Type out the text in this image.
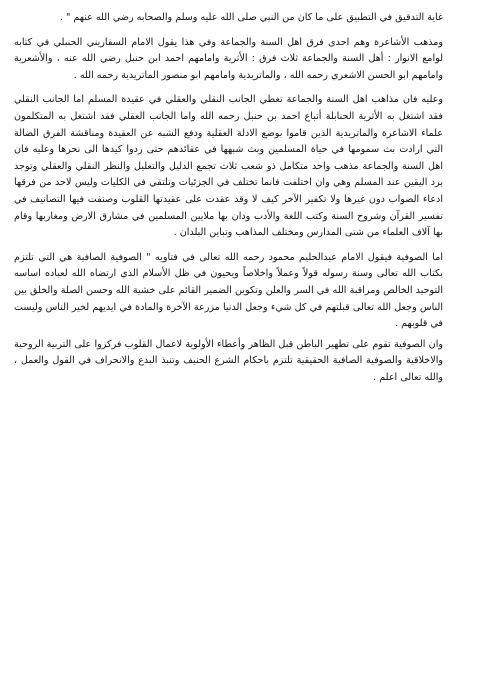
غاية التدقيق في التطبيق على ما كان من النبي صلى الله عليه وسلم والصحابه رضي الله عنهم " .

ومذهب الأشاعرة وهم احدى فرق اهل السنة والجماعة وفي هذا يقول الامام السفاريني الحنبلي في كتابه لوامع الانوار : أهل السنة والجماعة ثلاث فرق : الأثرية وامامهم احمد ابن حنبل رضي الله عنه ، والأشعرية وامامهم ابو الحسن الاشعري رحمه الله ، والماتريدية وامامهم ابو منصور الماتريدية رحمه الله .

وعليه فان مذاهب اهل السنة والجماعة تغطي الجانب النقلي والعقلي في عقيدة المسلم اما الجانب النقلي فقد اشتغل به الأثرية الحنابلة أتباع احمد بن حنبل رحمه الله واما الجانب العقلي فقد اشتغل به المتكلمون علماء الاشاعرة والماتريدية الذين قاموا بوضع الادلة العقلية ودفع الشبه عن العقيدة ومناقشة الفرق الضالة التي ارادت بث سمومها في حياة المسلمين وبث شبهها في عقائدهم حتى ردوا كيدها الى نحرها وعليه فان اهل السنة والجماعة مذهب واحد متكامل ذو شعب ثلاث تجمع الدليل والتعليل والنظر النقلي والعقلي وتوجد برد اليقين عند المسلم وهي وان اختلفت فانما تختلف في الجزئيات وتلتقي في الكليات وليس لاحد من فرقها ادعاء الصواب دون غيرها ولا تكفير الآخر كيف لا وقد عقدت على عقيدتها القلوب وصنفت فيها التصانيف في تفسير القرآن وشروح السنة وكتب اللغة والأدب ودان بها ملايين المسلمين في مشارق الارض ومغاربها وقام بها آلاف العلماء من شتى المدارس ومختلف المذاهب وتباين البلدان .

اما الصوفية فيقول الامام عبدالحليم محمود رحمه الله تعالى في فتاويه " الصوفية الصافية هي التي تلتزم بكتاب الله تعالى وسنة رسوله قولاً وعملاً واخلاصاً ويحيون في ظل الأسلام الذي ارتضاه الله لعباده اساسه التوحيد الخالص ومراقبة الله في السر والعلن وتكوين الضمير القائم على خشية الله وحسن الصلة والخلق بين الناس وجعل الله تعالى قبلتهم في كل شيء وجعل الدنيا مزرعة الآخرة والمادة في ايديهم لخير الناس وليست في قلوبهم .

وان الصوفية تقوم على تطهير الباطن قبل الظاهر وأعطاء الأولوية لاعمال القلوب فركزوا على التربية الروحية والاخلاقية والصوفية الصافية الحقيقية تلتزم باحكام الشرع الحنيف وتنبذ البدع والانحراف في القول والعمل ، والله تعالى اعلم .
